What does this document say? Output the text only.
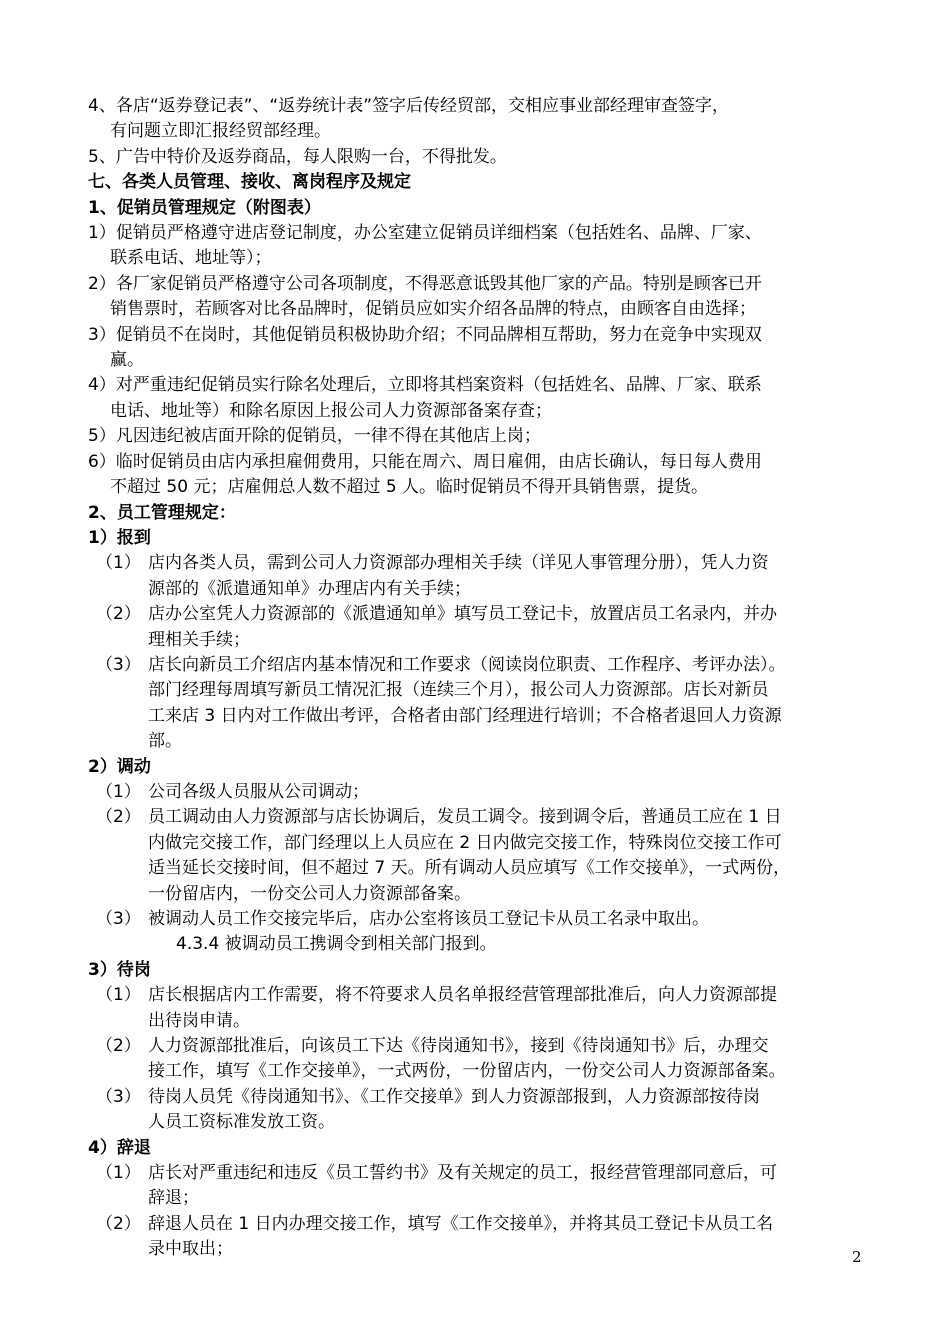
4、各店“返券登记表”、“返券统计表”签字后传经贸部，交相应事业部经理审查签字，
有问题立即汇报经贸部经理。
5、广告中特价及返券商品，每人限购一台，不得批发。
七、各类人员管理、接收、离岗程序及规定
1、促销员管理规定（附图表）
1）促销员严格遵守进店登记制度，办公室建立促销员详细档案（包括姓名、品牌、厂家、
联系电话、地址等）；
2）各厂家促销员严格遵守公司各项制度，不得恶意诋毁其他厂家的产品。特别是顾客已开
销售票时，若顾客对比各品牌时，促销员应如实介绍各品牌的特点，由顾客自由选择；
3）促销员不在岗时，其他促销员积极协助介绍；不同品牌相互帮助，努力在竞争中实现双
赢。
4）对严重违纪促销员实行除名处理后，立即将其档案资料（包括姓名、品牌、厂家、联系
电话、地址等）和除名原因上报公司人力资源部备案存查；
5）凡因违纪被店面开除的促销员，一律不得在其他店上岗；
6）临时促销员由店内承担雇佣费用，只能在周六、周日雇佣，由店长确认，每日每人费用
不超过 50 元；店雇佣总人数不超过 5 人。临时促销员不得开具销售票，提货。
2、员工管理规定：
1）报到
（1） 店内各类人员，需到公司人力资源部办理相关手续（详见人事管理分册），凭人力资
源部的《派遣通知单》办理店内有关手续；
（2） 店办公室凭人力资源部的《派遣通知单》填写员工登记卡，放置店员工名录内，并办
理相关手续；
（3） 店长向新员工介绍店内基本情况和工作要求（阅读岗位职责、工作程序、考评办法）。
部门经理每周填写新员工情况汇报（连续三个月），报公司人力资源部。店长对新员
工来店 3 日内对工作做出考评，合格者由部门经理进行培训；不合格者退回人力资源
部。
2）调动
（1） 公司各级人员服从公司调动；
（2） 员工调动由人力资源部与店长协调后，发员工调令。接到调令后，普通员工应在 1 日
内做完交接工作，部门经理以上人员应在 2 日内做完交接工作，特殊岗位交接工作可
适当延长交接时间，但不超过 7 天。所有调动人员应填写《工作交接单》，一式两份，
一份留店内，一份交公司人力资源部备案。
（3） 被调动人员工作交接完毕后，店办公室将该员工登记卡从员工名录中取出。
4.3.4 被调动员工携调令到相关部门报到。
3）待岗
（1） 店长根据店内工作需要，将不符要求人员名单报经营管理部批准后，向人力资源部提
出待岗申请。
（2） 人力资源部批准后，向该员工下达《待岗通知书》，接到《待岗通知书》后，办理交
接工作，填写《工作交接单》，一式两份，一份留店内，一份交公司人力资源部备案。
（3） 待岗人员凭《待岗通知书》、《工作交接单》到人力资源部报到，人力资源部按待岗
人员工资标准发放工资。
4）辞退
（1） 店长对严重违纪和违反《员工誓约书》及有关规定的员工，报经营管理部同意后，可
辞退；
（2） 辞退人员在 1 日内办理交接工作，填写《工作交接单》，并将其员工登记卡从员工名
录中取出；	2
